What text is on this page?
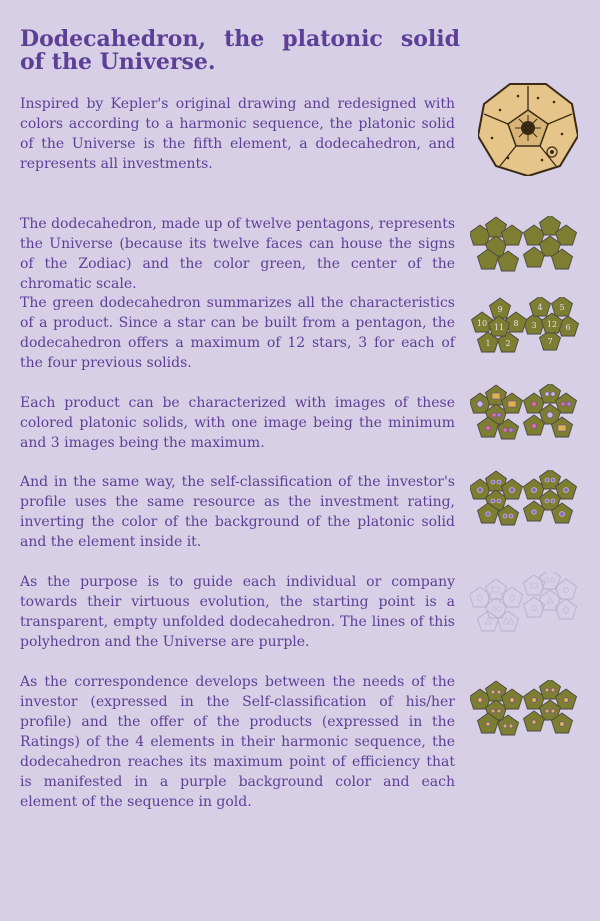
Dodecahedron, the platonic solid of the Universe.

Inspired by Kepler's original drawing and redesigned with colors according to a harmonic sequence, the platonic solid of the Universe is the fifth element, a dodecahedron, and represents all investments.

The dodecahedron, made up of twelve pentagons, represents the Universe (because its twelve faces can house the signs of the Zodiac) and the color green, the center of the chromatic scale.

The green dodecahedron summarizes all the characteristics of a product. Since a star can be built from a pentagon, the dodecahedron offers a maximum of 12 stars, 3 for each of the four previous solids.

Each product can be characterized with images of these colored platonic solids, with one image being the minimum and 3 images being the maximum.

And in the same way, the self-classification of the investor's profile uses the same resource as the investment rating, inverting the color of the background of the platonic solid and the element inside it.

As the purpose is to guide each individual or company towards their virtuous evolution, the starting point is a transparent, empty unfolded dodecahedron. The lines of this polyhedron and the Universe are purple.

As the correspondence develops between the needs of the investor (expressed in the Self-classification of his/her profile) and the offer of the products (expressed in the Ratings) of the 4 elements in their harmonic sequence, the dodecahedron reaches its maximum point of efficiency that is manifested in a purple background color and each element of the sequence in gold.

1 2
3
4 5
6
7
8
9
10 11	12
